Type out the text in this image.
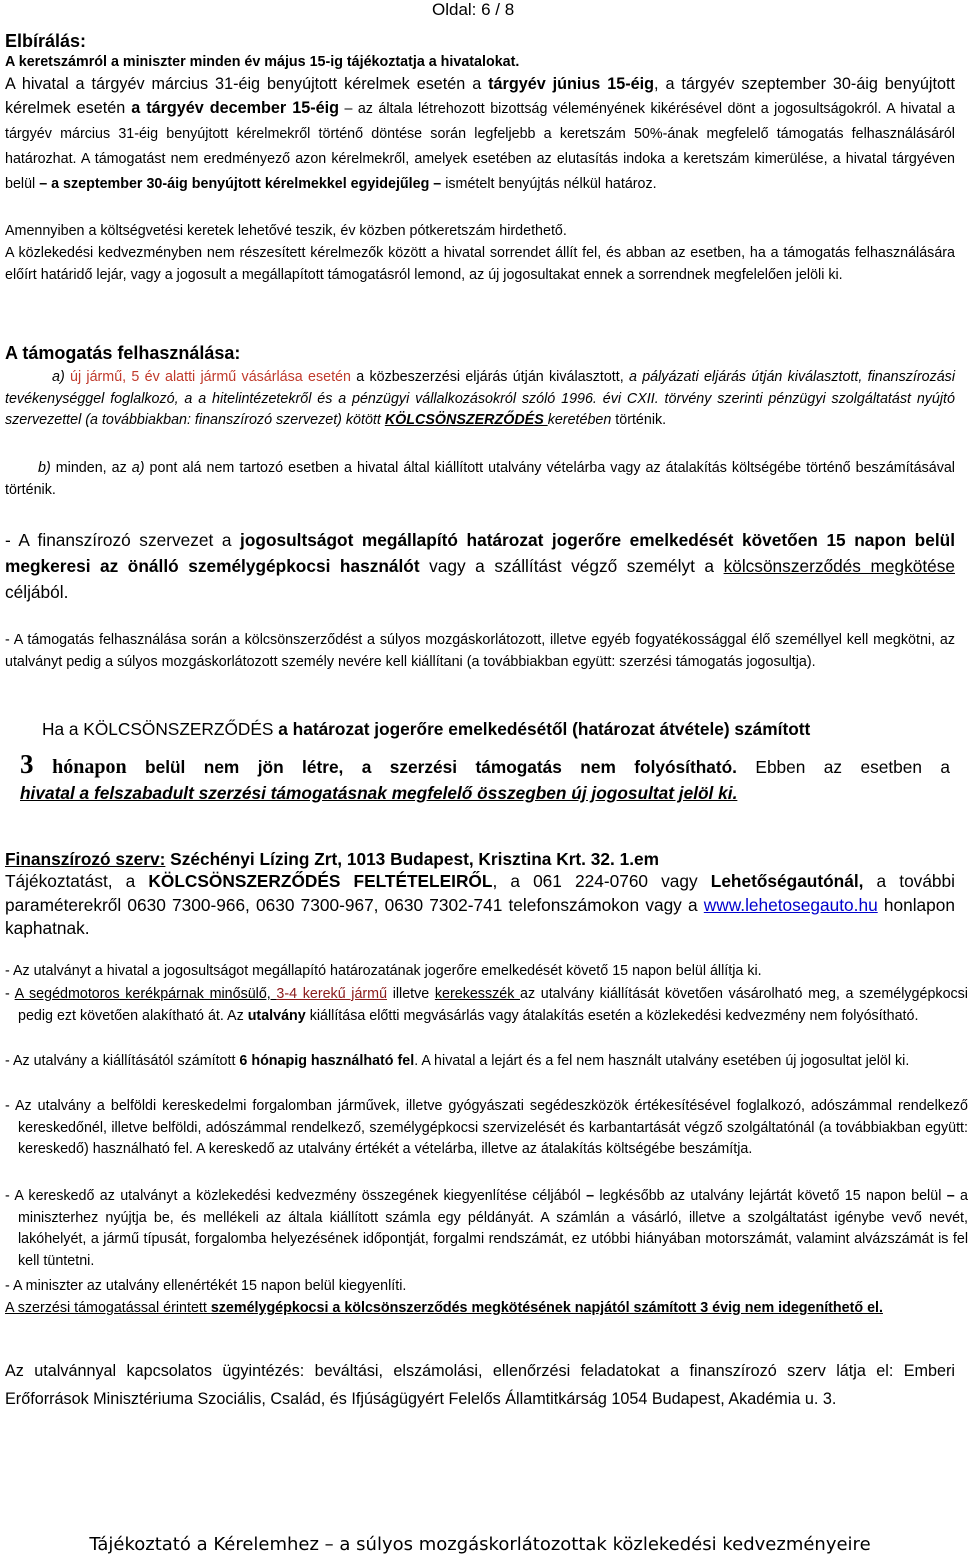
Oldal: 6 / 8
Elbírálás:
A keretszámról a miniszter minden év május 15-ig tájékoztatja a hivatalokat.

A hivatal a tárgyév március 31-éig benyújtott kérelmek esetén a tárgyév június 15-éig, a tárgyév szeptember 30-áig benyújtott kérelmek esetén a tárgyév december 15-éig – az általa létrehozott bizottság véleményének kikérésével dönt a jogosultságokról. A hivatal a tárgyév március 31-éig benyújtott kérelmekről történő döntése során legfeljebb a keretszám 50%-ának megfelelő támogatás felhasználásáról határozhat. A támogatást nem eredményező azon kérelmekről, amelyek esetében az elutasítás indoka a keretszám kimerülése, a hivatal tárgyéven belül – a szeptember 30-áig benyújtott kérelmekkel egyidejűleg – ismételt benyújtás nélkül határoz.

Amennyiben a költségvetési keretek lehetővé teszik, év közben pótkeretszám hirdethető.

A közlekedési kedvezményben nem részesített kérelmezők között a hivatal sorrendet állít fel, és abban az esetben, ha a támogatás felhasználására előírt határidő lejár, vagy a jogosult a megállapított támogatásról lemond, az új jogosultakat ennek a sorrendnek megfelelően jelöli ki.

A támogatás felhasználása:

a) új jármű, 5 év alatti jármű vásárlása esetén a közbeszerzési eljárás útján kiválasztott, a pályázati eljárás útján kiválasztott, finanszírozási tevékenységgel foglalkozó, a a hitelintézetekről és a pénzügyi vállalkozásokról szóló 1996. évi CXII. törvény szerinti pénzügyi szolgáltatást nyújtó szervezettel (a továbbiakban: finanszírozó szervezet) kötött KÖLCSÖNSZERZŐDÉS keretében történik.

b) minden, az a) pont alá nem tartozó esetben a hivatal által kiállított utalvány vételárba vagy az átalakítás költségébe történő beszámításával történik.

- A finanszírozó szervezet a jogosultságot megállapító határozat jogerőre emelkedését követően 15 napon belül megkeresi az önálló személygépkocsi használót vagy a szállítást végző személyt a kölcsönszerződés megkötése céljából.

- A támogatás felhasználása során a kölcsönszerződést a súlyos mozgáskorlátozott, illetve egyéb fogyatékossággal élő személlyel kell megkötni, az utalványt pedig a súlyos mozgáskorlátozott személy nevére kell kiállítani (a továbbiakban együtt: szerzési támogatás jogosultja).

Ha a KÖLCSÖNSZERZŐDÉS a határozat jogerőre emelkedésétől (határozat átvétele) számított
3 hónapon belül nem jön létre, a szerzési támogatás nem folyósítható. Ebben az esetben a
hivatal a felszabadult szerzési támogatásnak megfelelő összegben új jogosultat jelöl ki.
Finanszírozó szerv: Széchényi Lízing Zrt, 1013 Budapest, Krisztina Krt. 32. 1.em

Tájékoztatást, a KÖLCSÖNSZERZŐDÉS FELTÉTELEIRŐL, a 061 224-0760 vagy Lehetőségautónál, a további paraméterekről 0630 7300-966, 0630 7300-967, 0630 7302-741 telefonszámokon vagy a www.lehetosegauto.hu honlapon kaphatnak.

- Az utalványt a hivatal a jogosultságot megállapító határozatának jogerőre emelkedését követő 15 napon belül állítja ki.

- A segédmotoros kerékpárnak minősülő, 3-4 kerekű jármű illetve kerekesszék az utalvány kiállítását követően vásárolható meg, a személygépkocsi pedig ezt követően alakítható át. Az utalvány kiállítása előtti megvásárlás vagy átalakítás esetén a közlekedési kedvezmény nem folyósítható.

- Az utalvány a kiállításától számított 6 hónapig használható fel. A hivatal a lejárt és a fel nem használt utalvány esetében új jogosultat jelöl ki.

- Az utalvány a belföldi kereskedelmi forgalomban járművek, illetve gyógyászati segédeszközök értékesítésével foglalkozó, adószámmal rendelkező kereskedőnél, illetve belföldi, adószámmal rendelkező, személygépkocsi szervizelését és karbantartását végző szolgáltatónál (a továbbiakban együtt: kereskedő) használható fel. A kereskedő az utalvány értékét a vételárba, illetve az átalakítás költségébe beszámítja.

- A kereskedő az utalványt a közlekedési kedvezmény összegének kiegyenlítése céljából – legkésőbb az utalvány lejártát követő 15 napon belül – a miniszterhez nyújtja be, és mellékeli az általa kiállított számla egy példányát. A számlán a vásárló, illetve a szolgáltatást igénybe vevő nevét, lakóhelyét, a jármű típusát, forgalomba helyezésének időpontját, forgalmi rendszámát, ez utóbbi hiányában motorszámát, valamint alvázszámát is fel kell tüntetni.

- A miniszter az utalvány ellenértékét 15 napon belül kiegyenlíti.

A szerzési támogatással érintett személygépkocsi a kölcsönszerződés megkötésének napjától számított 3 évig nem idegeníthető el.

Az utalvánnyal kapcsolatos ügyintézés: beváltási, elszámolási, ellenőrzési feladatokat a finanszírozó szerv látja el: Emberi Erőforrások Minisztériuma Szociális, Család, és Ifjúságügyért Felelős Államtitkárság 1054 Budapest, Akadémia u. 3.

Tájékoztató a Kérelemhez – a súlyos mozgáskorlátozottak közlekedési kedvezményeire
